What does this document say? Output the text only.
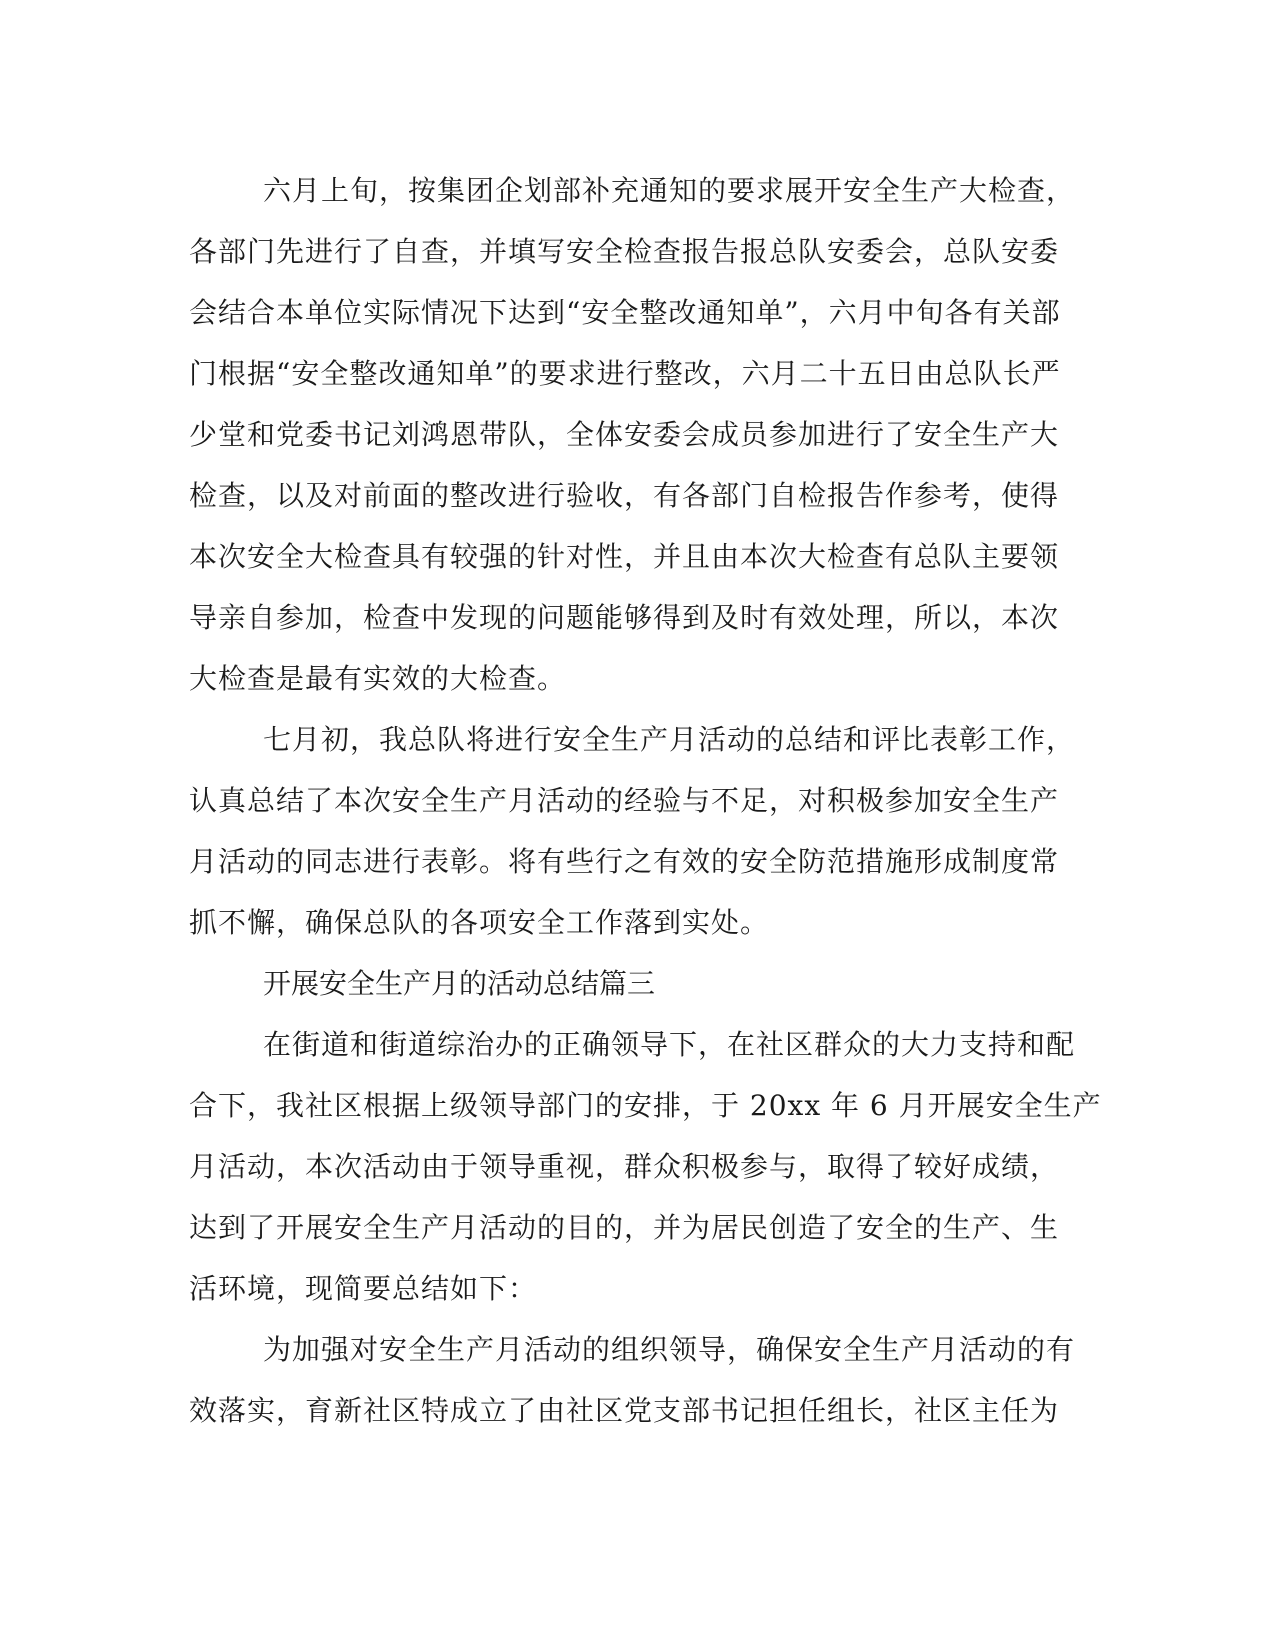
六月上旬，按集团企划部补充通知的要求展开安全生产大检查，
各部门先进行了自查，并填写安全检查报告报总队安委会，总队安委
会结合本单位实际情况下达到“安全整改通知单”，六月中旬各有关部
门根据“安全整改通知单”的要求进行整改，六月二十五日由总队长严
少堂和党委书记刘鸿恩带队，全体安委会成员参加进行了安全生产大
检查，以及对前面的整改进行验收，有各部门自检报告作参考，使得
本次安全大检查具有较强的针对性，并且由本次大检查有总队主要领
导亲自参加，检查中发现的问题能够得到及时有效处理，所以，本次
大检查是最有实效的大检查。
七月初，我总队将进行安全生产月活动的总结和评比表彰工作，
认真总结了本次安全生产月活动的经验与不足，对积极参加安全生产
月活动的同志进行表彰。将有些行之有效的安全防范措施形成制度常
抓不懈，确保总队的各项安全工作落到实处。
开展安全生产月的活动总结篇三
在街道和街道综治办的正确领导下，在社区群众的大力支持和配
合下，我社区根据上级领导部门的安排，于 20xx 年 6 月开展安全生产
月活动，本次活动由于领导重视，群众积极参与，取得了较好成绩，
达到了开展安全生产月活动的目的，并为居民创造了安全的生产、生
活环境，现简要总结如下：
为加强对安全生产月活动的组织领导，确保安全生产月活动的有
效落实，育新社区特成立了由社区党支部书记担任组长，社区主任为
